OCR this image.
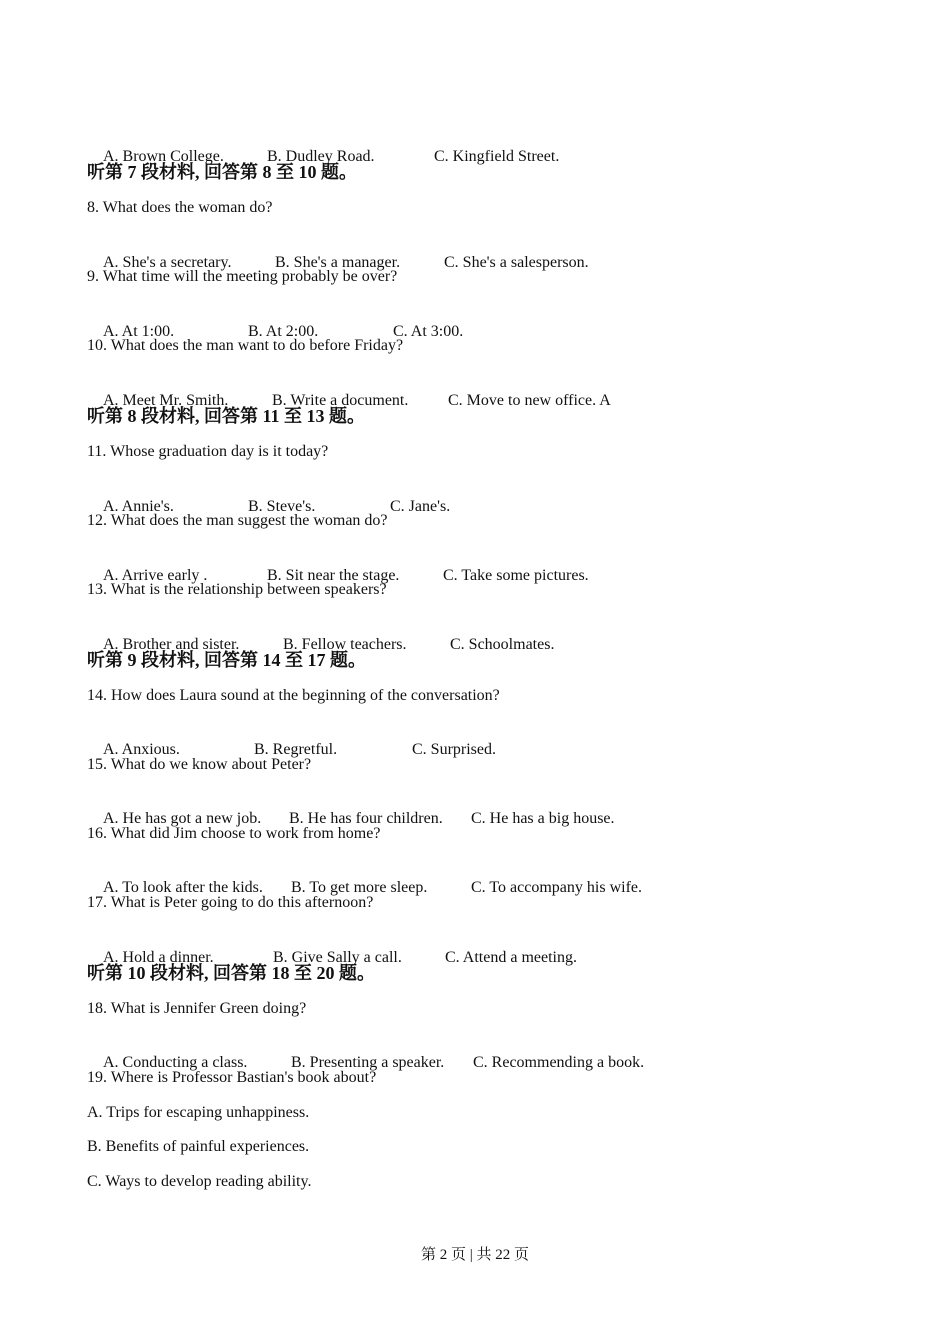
A. Brown College.	B. Dudley Road.	C. Kingfield Street.

听第 7 段材料, 回答第 8 至 10 题。
8. What does the woman do?

A. She's a secretary.	B. She's a manager.	C. She's a salesperson.

9. What time will the meeting probably be over?

A. At 1:00.	B. At 2:00.	C. At 3:00.

10. What does the man want to do before Friday?

A. Meet Mr. Smith.	B. Write a document. C. Move to new office. A

听第 8 段材料, 回答第 11 至 13 题。
11. Whose graduation day is it today?

A. Annie's.	B. Steve's.	C. Jane's.

12. What does the man suggest the woman do?

A. Arrive early .	B. Sit near the stage.	C. Take some pictures.

13. What is the relationship between speakers?

A. Brother and sister.	B. Fellow teachers.	C. Schoolmates.

听第 9 段材料, 回答第 14 至 17 题。
14. How does Laura sound at the beginning of the conversation?

A. Anxious.	B. Regretful.	C. Surprised.

15. What do we know about Peter?

A. He has got a new job. B. He has four children. C. He has a big house.

16. What did Jim choose to work from home?

A. To look after the kids. B. To get more sleep.	C. To accompany his wife.

17. What is Peter going to do this afternoon?

A. Hold a dinner.	B. Give Sally a call.	C. Attend a meeting.

听第 10 段材料, 回答第 18 至 20 题。
18. What is Jennifer Green doing?

A. Conducting a class.	B. Presenting a speaker. C. Recommending a book.

19. Where is Professor Bastian's book about?
A. Trips for escaping unhappiness.
B. Benefits of painful experiences.
C. Ways to develop reading ability.
第 2 页 | 共 22 页
